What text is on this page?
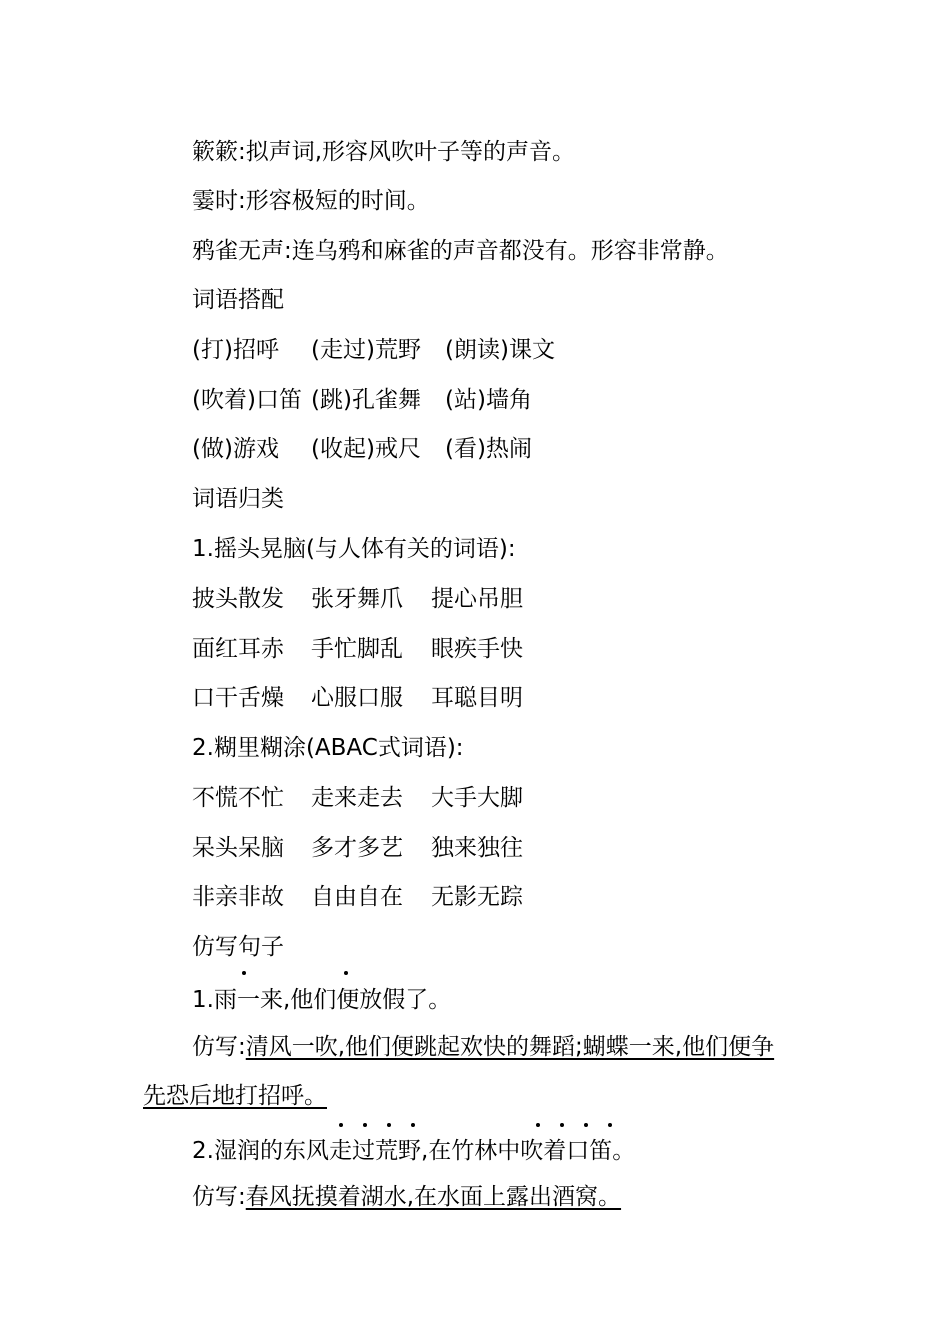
簌簌:拟声词,形容风吹叶子等的声音。
霎时:形容极短的时间。
鸦雀无声:连乌鸦和麻雀的声音都没有。形容非常静。
词语搭配
(打)招呼 (走过)荒野 (朗读)课文
(吹着)口笛 (跳)孔雀舞 (站)墙角
(做)游戏 (收起)戒尺 (看)热闹
词语归类
1.摇头晃脑(与人体有关的词语):
披头散发 张牙舞爪 提心吊胆
面红耳赤 手忙脚乱 眼疾手快
口干舌燥 心服口服 耳聪目明
2.糊里糊涂(ABAC式词语):
不慌不忙 走来走去 大手大脚
呆头呆脑 多才多艺 独来独往
非亲非故 自由自在 无影无踪
仿写句子
1.雨一来,他们便放假了。
仿写:清风一吹,他们便跳起欢快的舞蹈;蝴蝶一来,他们便争
先恐后地打招呼。
2.湿润的东风走过荒野,在竹林中吹着口笛。
仿写:春风抚摸着湖水,在水面上露出酒窝。
